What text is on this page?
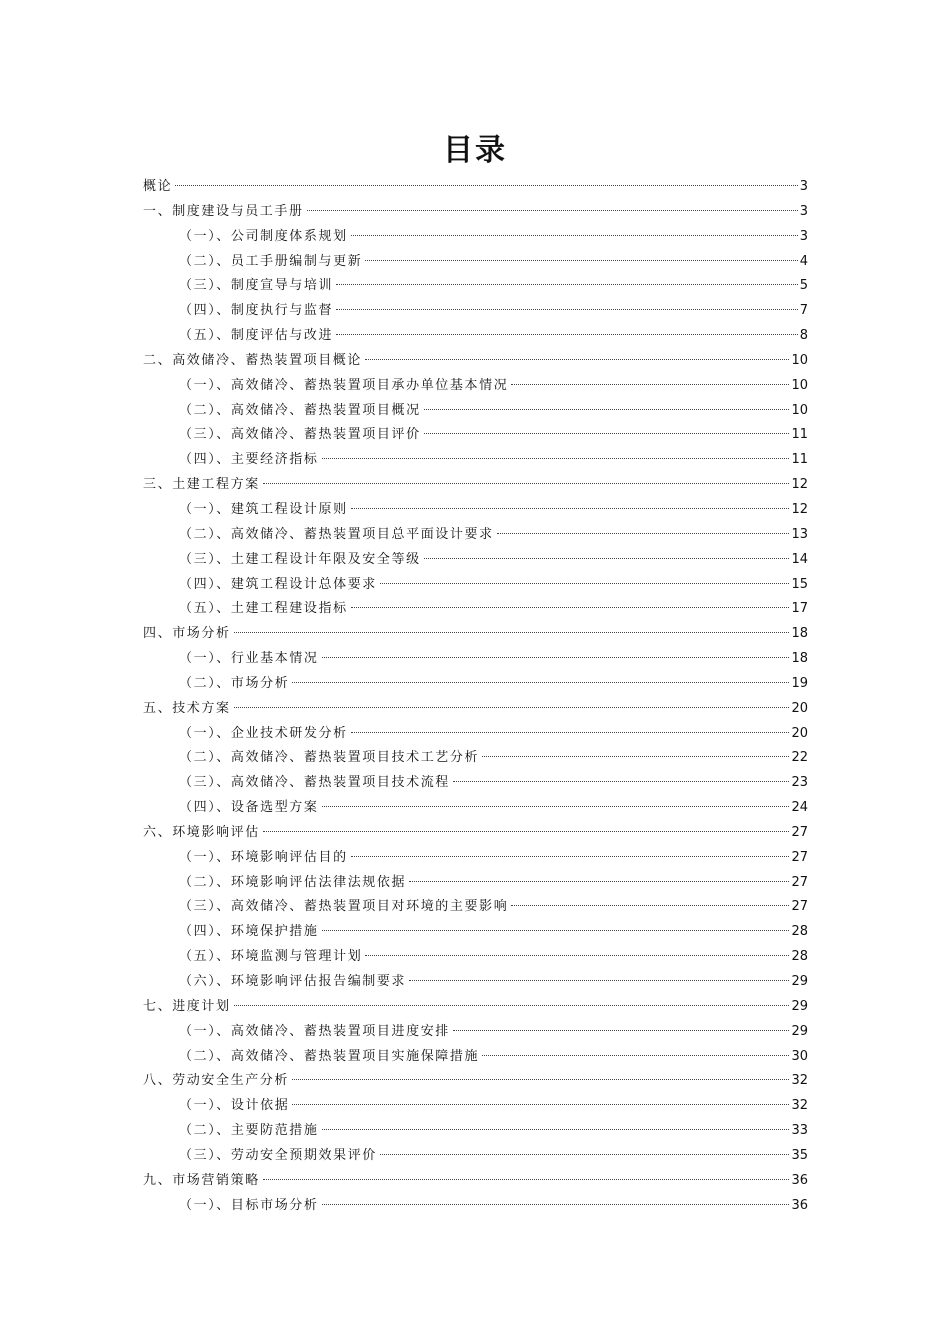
目录
概论	3
一、制度建设与员工手册	3
（一）、公司制度体系规划	3
（二）、员工手册编制与更新	4
（三）、制度宣导与培训	5
（四）、制度执行与监督	7
（五）、制度评估与改进	8
二、高效储冷、蓄热装置项目概论	10
（一）、高效储冷、蓄热装置项目承办单位基本情况	10
（二）、高效储冷、蓄热装置项目概况	10
（三）、高效储冷、蓄热装置项目评价	11
（四）、主要经济指标	11
三、土建工程方案	12
（一）、建筑工程设计原则	12
（二）、高效储冷、蓄热装置项目总平面设计要求	13
（三）、土建工程设计年限及安全等级	14
（四）、建筑工程设计总体要求	15
（五）、土建工程建设指标	17
四、市场分析	18
（一）、行业基本情况	18
（二）、市场分析	19
五、技术方案	20
（一）、企业技术研发分析	20
（二）、高效储冷、蓄热装置项目技术工艺分析	22
（三）、高效储冷、蓄热装置项目技术流程	23
（四）、设备选型方案	24
六、环境影响评估	27
（一）、环境影响评估目的	27
（二）、环境影响评估法律法规依据	27
（三）、高效储冷、蓄热装置项目对环境的主要影响	27
（四）、环境保护措施	28
（五）、环境监测与管理计划	28
（六）、环境影响评估报告编制要求	29
七、进度计划	29
（一）、高效储冷、蓄热装置项目进度安排	29
（二）、高效储冷、蓄热装置项目实施保障措施	30
八、劳动安全生产分析	32
（一）、设计依据	32
（二）、主要防范措施	33
（三）、劳动安全预期效果评价	35
九、市场营销策略	36
（一）、目标市场分析	36
